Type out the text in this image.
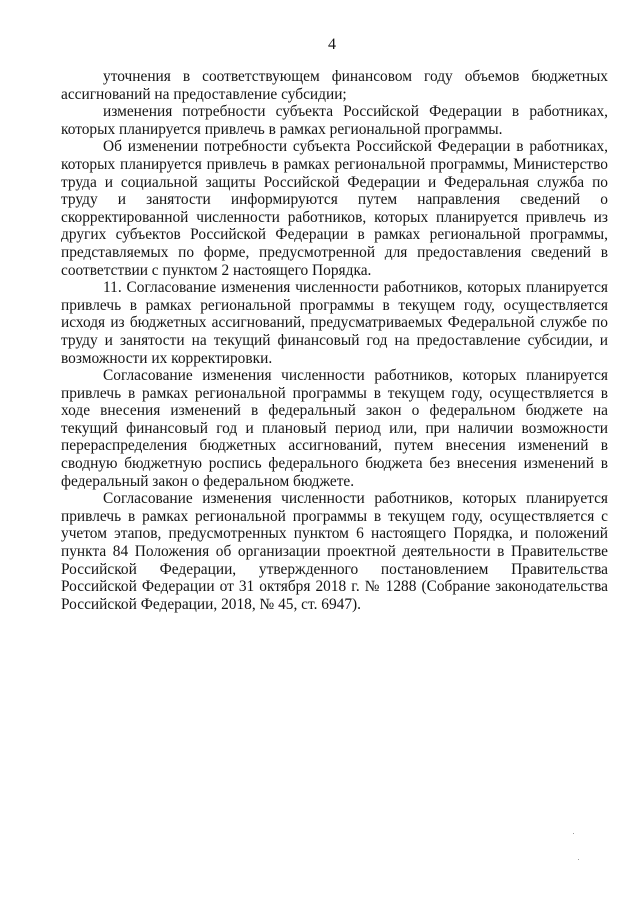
4

уточнения в соответствующем финансовом году объемов бюджетных ассигнований на предоставление субсидии;

изменения потребности субъекта Российской Федерации в работниках, которых планируется привлечь в рамках региональной программы.

Об изменении потребности субъекта Российской Федерации в работниках, которых планируется привлечь в рамках региональной программы, Министерство труда и социальной защиты Российской Федерации и Федеральная служба по труду и занятости информируются путем направления сведений о скорректированной численности работников, которых планируется привлечь из других субъектов Российской Федерации в рамках региональной программы, представляемых по форме, предусмотренной для предоставления сведений в соответствии с пунктом 2 настоящего Порядка.

11. Согласование изменения численности работников, которых планируется привлечь в рамках региональной программы в текущем году, осуществляется исходя из бюджетных ассигнований, предусматриваемых Федеральной службе по труду и занятости на текущий финансовый год на предоставление субсидии, и возможности их корректировки.

Согласование изменения численности работников, которых планируется привлечь в рамках региональной программы в текущем году, осуществляется в ходе внесения изменений в федеральный закон о федеральном бюджете на текущий финансовый год и плановый период или, при наличии возможности перераспределения бюджетных ассигнований, путем внесения изменений в сводную бюджетную роспись федерального бюджета без внесения изменений в федеральный закон о федеральном бюджете.

Согласование изменения численности работников, которых планируется привлечь в рамках региональной программы в текущем году, осуществляется с учетом этапов, предусмотренных пунктом 6 настоящего Порядка, и положений пункта 84 Положения об организации проектной деятельности в Правительстве Российской Федерации, утвержденного постановлением Правительства Российской Федерации от 31 октября 2018 г. № 1288 (Собрание законодательства Российской Федерации, 2018, № 45, ст. 6947).
